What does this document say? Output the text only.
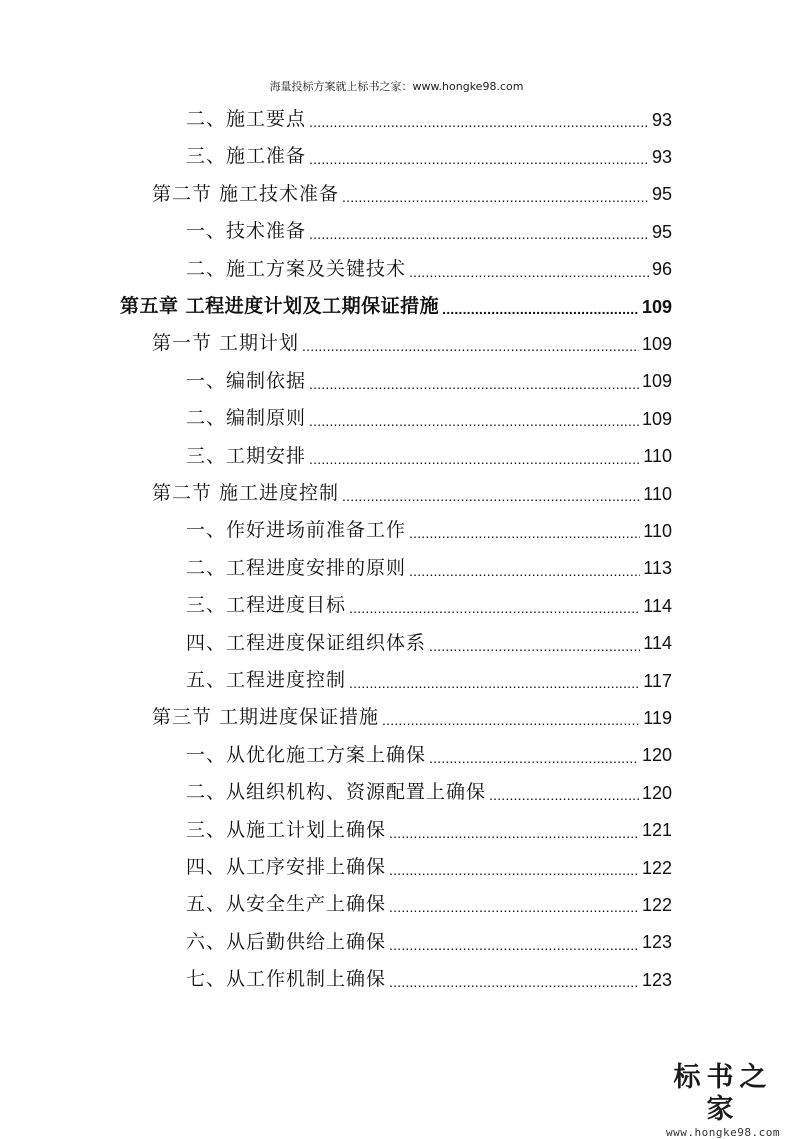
海量投标方案就上标书之家：www.hongke98.com
二、施工要点 .....	93
三、施工准备 .....	93
第二节 施工技术准备 .....	95
一、技术准备 .....	95
二、施工方案及关键技术 .....	96
第五章 工程进度计划及工期保证措施 .....	109
第一节 工期计划 .....	109
一、编制依据 .....	109
二、编制原则 .....	109
三、工期安排 .....	110
第二节 施工进度控制 .....	110
一、作好进场前准备工作 .....	110
二、工程进度安排的原则 .....	113
三、工程进度目标 .....	114
四、工程进度保证组织体系 .....	114
五、工程进度控制 .....	117
第三节 工期进度保证措施 .....	119
一、从优化施工方案上确保 .....	120
二、从组织机构、资源配置上确保 .....	120
三、从施工计划上确保 .....	121
四、从工序安排上确保 .....	122
五、从安全生产上确保 .....	122
六、从后勤供给上确保 .....	123
七、从工作机制上确保 .....	123
标书之家
www.hongke98.com
